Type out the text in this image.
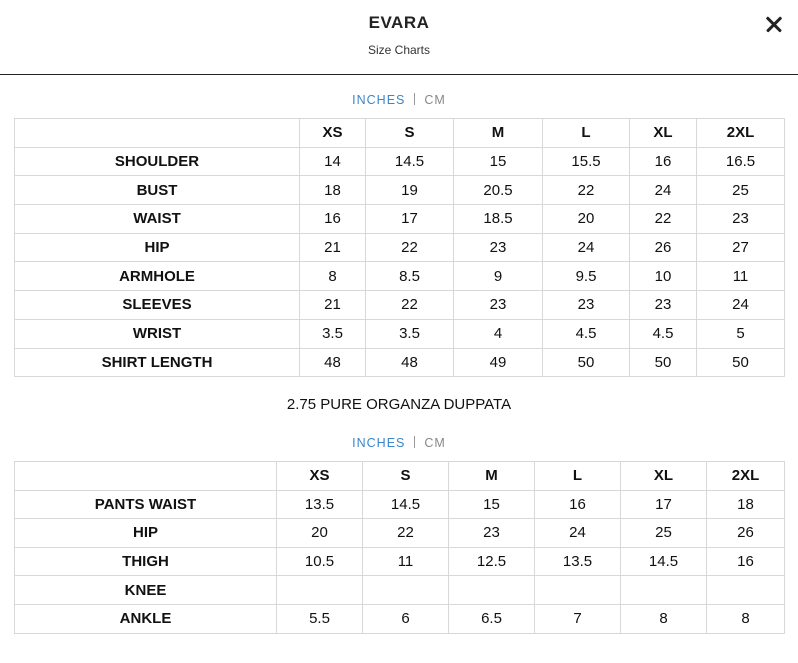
EVARA
Size Charts
INCHES CM
	XS	S	M	L	XL	2XL
SHOULDER	14	14.5	15	15.5	16	16.5
BUST	18	19	20.5	22	24	25
WAIST	16	17	18.5	20	22	23
HIP	21	22	23	24	26	27
ARMHOLE	8	8.5	9	9.5	10	11
SLEEVES	21	22	23	23	23	24
WRIST	3.5	3.5	4	4.5	4.5	5
SHIRT LENGTH	48	48	49	50	50	50
2.75 PURE ORGANZA DUPPATA
INCHES CM
	XS	S	M	L	XL	2XL
PANTS WAIST	13.5	14.5	15	16	17	18
HIP	20	22	23	24	25	26
THIGH	10.5	11	12.5	13.5	14.5	16
KNEE						
ANKLE	5.5	6	6.5	7	8	8
